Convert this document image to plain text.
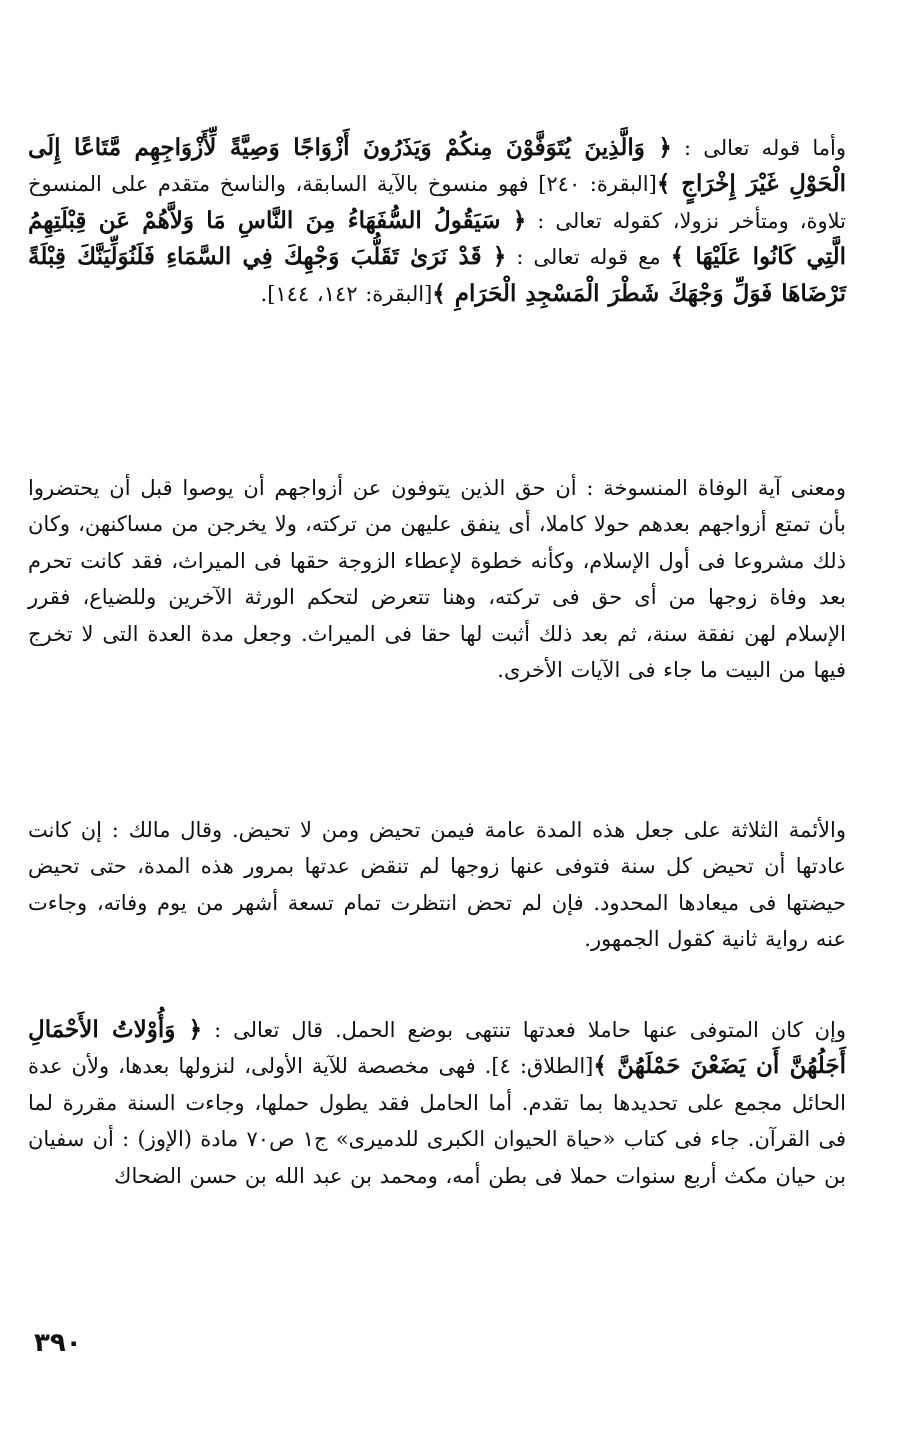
وأما قوله تعالى : ﴿ وَالَّذِينَ يُتَوَفَّوْنَ مِنكُمْ وَيَذَرُونَ أَزْوَاجًا وَصِيَّةً لِّأَزْوَاجِهِم مَّتَاعًا إِلَى الْحَوْلِ غَيْرَ إِخْرَاجٍ ﴾[البقرة: ٢٤٠] فهو منسوخ بالآية السابقة، والناسخ متقدم على المنسوخ تلاوة، ومتأخر نزولا، كقوله تعالى : ﴿ سَيَقُولُ السُّفَهَاءُ مِنَ النَّاسِ مَا وَلاَّهُمْ عَن قِبْلَتِهِمُ الَّتِي كَانُوا عَلَيْهَا ﴾ مع قوله تعالى : ﴿ قَدْ نَرَىٰ تَقَلُّبَ وَجْهِكَ فِي السَّمَاءِ فَلَنُوَلِّيَنَّكَ قِبْلَةً تَرْضَاهَا فَوَلِّ وَجْهَكَ شَطْرَ الْمَسْجِدِ الْحَرَامِ ﴾[البقرة: ١٤٢، ١٤٤].

ومعنى آية الوفاة المنسوخة : أن حق الذين يتوفون عن أزواجهم أن يوصوا قبل أن يحتضروا بأن تمتع أزواجهم بعدهم حولا كاملا، أى ينفق عليهن من تركته، ولا يخرجن من مساكنهن، وكان ذلك مشروعا فى أول الإسلام، وكأنه خطوة لإعطاء الزوجة حقها فى الميراث، فقد كانت تحرم بعد وفاة زوجها من أى حق فى تركته، وهنا تتعرض لتحكم الورثة الآخرين وللضياع، فقرر الإسلام لهن نفقة سنة، ثم بعد ذلك أثبت لها حقا فى الميراث. وجعل مدة العدة التى لا تخرج فيها من البيت ما جاء فى الآيات الأخرى.

والأئمة الثلاثة على جعل هذه المدة عامة فيمن تحيض ومن لا تحيض. وقال مالك : إن كانت عادتها أن تحيض كل سنة فتوفى عنها زوجها لم تنقض عدتها بمرور هذه المدة، حتى تحيض حيضتها فى ميعادها المحدود. فإن لم تحض انتظرت تمام تسعة أشهر من يوم وفاته، وجاءت عنه رواية ثانية كقول الجمهور.

وإن كان المتوفى عنها حاملا فعدتها تنتهى بوضع الحمل. قال تعالى : ﴿ وَأُوْلاتُ الأَحْمَالِ أَجَلُهُنَّ أَن يَضَعْنَ حَمْلَهُنَّ ﴾[الطلاق: ٤]. فهى مخصصة للآية الأولى، لنزولها بعدها، ولأن عدة الحائل مجمع على تحديدها بما تقدم. أما الحامل فقد يطول حملها، وجاءت السنة مقررة لما فى القرآن. جاء فى كتاب «حياة الحيوان الكبرى للدميرى» ج١ ص٧٠ مادة (الإوز) : أن سفيان بن حيان مكث أربع سنوات حملا فى بطن أمه، ومحمد بن عبد الله بن حسن الضحاك

٣٩٠
